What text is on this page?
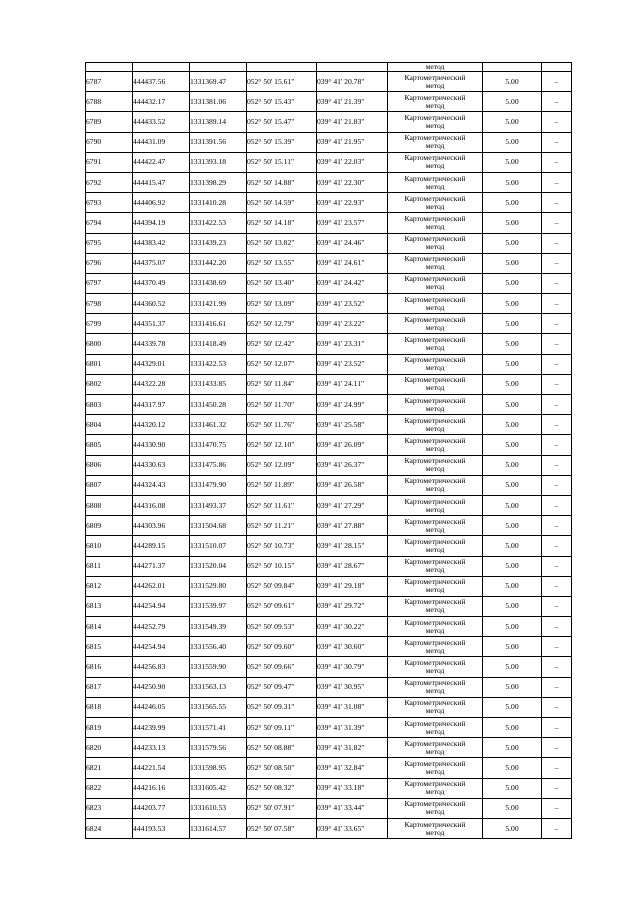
					метод		
6787	444437.56	1331369.47	052° 50' 15.61"	039° 41' 20.78"	Картометрический
метод	5.00	–
6788	444432.17	1331381.06	052° 50' 15.43"	039° 41' 21.39"	Картометрический
метод	5.00	–
6789	444433.52	1331389.14	052° 50' 15.47"	039° 41' 21.83"	Картометрический
метод	5.00	–
6790	444431.09	1331391.56	052° 50' 15.39"	039° 41' 21.95"	Картометрический
метод	5.00	–
6791	444422.47	1331393.18	052° 50' 15.11"	039° 41' 22.03"	Картометрический
метод	5.00	–
6792	444415.47	1331398.29	052° 50' 14.88"	039° 41' 22.30"	Картометрический
метод	5.00	–
6793	444406.92	1331410.28	052° 50' 14.59"	039° 41' 22.93"	Картометрический
метод	5.00	–
6794	444394.19	1331422.53	052° 50' 14.18"	039° 41' 23.57"	Картометрический
метод	5.00	–
6795	444383.42	1331439.23	052° 50' 13.82"	039° 41' 24.46"	Картометрический
метод	5.00	–
6796	444375.07	1331442.20	052° 50' 13.55"	039° 41' 24.61"	Картометрический
метод	5.00	–
6797	444370.49	1331438.69	052° 50' 13.40"	039° 41' 24.42"	Картометрический
метод	5.00	–
6798	444360.52	1331421.99	052° 50' 13.09"	039° 41' 23.52"	Картометрический
метод	5.00	–
6799	444351.37	1331416.61	052° 50' 12.79"	039° 41' 23.22"	Картометрический
метод	5.00	–
6800	444339.78	1331418.49	052° 50' 12.42"	039° 41' 23.31"	Картометрический
метод	5.00	–
6801	444329.01	1331422.53	052° 50' 12.07"	039° 41' 23.52"	Картометрический
метод	5.00	–
6802	444322.28	1331433.85	052° 50' 11.84"	039° 41' 24.11"	Картометрический
метод	5.00	–
6803	444317.97	1331450.28	052° 50' 11.70"	039° 41' 24.99"	Картометрический
метод	5.00	–
6804	444320.12	1331461.32	052° 50' 11.76"	039° 41' 25.58"	Картометрический
метод	5.00	–
6805	444330.90	1331470.75	052° 50' 12.10"	039° 41' 26.09"	Картометрический
метод	5.00	–
6806	444330.63	1331475.86	052° 50' 12.09"	039° 41' 26.37"	Картометрический
метод	5.00	–
6807	444324.43	1331479.90	052° 50' 11.89"	039° 41' 26.58"	Картометрический
метод	5.00	–
6808	444316.08	1331493.37	052° 50' 11.61"	039° 41' 27.29"	Картометрический
метод	5.00	–
6809	444303.96	1331504.68	052° 50' 11.21"	039° 41' 27.88"	Картометрический
метод	5.00	–
6810	444289.15	1331510.07	052° 50' 10.73"	039° 41' 28.15"	Картометрический
метод	5.00	–
6811	444271.37	1331520.04	052° 50' 10.15"	039° 41' 28.67"	Картометрический
метод	5.00	–
6812	444262.01	1331529.80	052° 50' 09.84"	039° 41' 29.18"	Картометрический
метод	5.00	–
6813	444254.94	1331539.97	052° 50' 09.61"	039° 41' 29.72"	Картометрический
метод	5.00	–
6814	444252.79	1331549.39	052° 50' 09.53"	039° 41' 30.22"	Картометрический
метод	5.00	–
6815	444254.94	1331556.40	052° 50' 09.60"	039° 41' 30.60"	Картометрический
метод	5.00	–
6816	444256.83	1331559.90	052° 50' 09.66"	039° 41' 30.79"	Картометрический
метод	5.00	–
6817	444250.90	1331563.13	052° 50' 09.47"	039° 41' 30.95"	Картометрический
метод	5.00	–
6818	444246.05	1331565.55	052° 50' 09.31"	039° 41' 31.08"	Картометрический
метод	5.00	–
6819	444239.99	1331571.41	052° 50' 09.11"	039° 41' 31.39"	Картометрический
метод	5.00	–
6820	444233.13	1331579.56	052° 50' 08.88"	039° 41' 31.82"	Картометрический
метод	5.00	–
6821	444221.54	1331598.95	052° 50' 08.50"	039° 41' 32.84"	Картометрический
метод	5.00	–
6822	444216.16	1331605.42	052° 50' 08.32"	039° 41' 33.18"	Картометрический
метод	5.00	–
6823	444203.77	1331610.53	052° 50' 07.91"	039° 41' 33.44"	Картометрический
метод	5.00	–
6824	444193.53	1331614.57	052° 50' 07.58"	039° 41' 33.65"	Картометрический
метод	5.00	–
